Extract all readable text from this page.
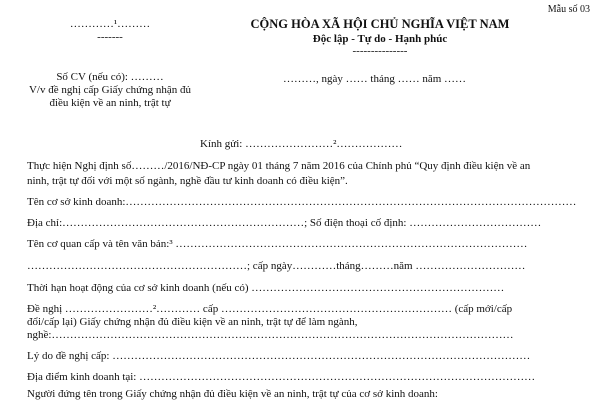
Mẫu số 03
…………¹………
-------
CỘNG HÒA XÃ HỘI CHỦ NGHĨA VIỆT NAM
Độc lập - Tự do - Hạnh phúc
---------------
Số CV (nếu có): ………
V/v đề nghị cấp Giấy chứng nhận đủ
điều kiện về an ninh, trật tự
………, ngày …… tháng …… năm ……
Kính gửi: ……………………²………………
Thực hiện Nghị định số………/2016/NĐ-CP ngày 01 tháng 7 năm 2016 của Chính phủ “Quy định điều kiện về an
ninh, trật tự đối với một số ngành, nghề đầu tư kinh doanh có điều kiện”.
Tên cơ sở kinh doanh:……………………………………………………………………………………………………………
Địa chỉ:…………………………………………………………; Số điện thoại cố định: ………………………………
Tên cơ quan cấp và tên văn bản:³ ……………………………………………………………………………………
……………………………………………………; cấp ngày…………tháng………năm …………………………
Thời hạn hoạt động của cơ sở kinh doanh (nếu có) ……………………………………………………………
Đề nghị ……………………²………… cấp ……………………………………………………… (cấp mới/cấp
đổi/cấp lại) Giấy chứng nhận đủ điều kiện về an ninh, trật tự để làm ngành,
nghề:………………………………………………………………………………………………………………
Lý do đề nghị cấp: ……………………………………………………………………………………………………
Địa điểm kinh doanh tại: ………………………………………………………………………………………………
Người đứng tên trong Giấy chứng nhận đủ điều kiện về an ninh, trật tự của cơ sở kinh doanh:
